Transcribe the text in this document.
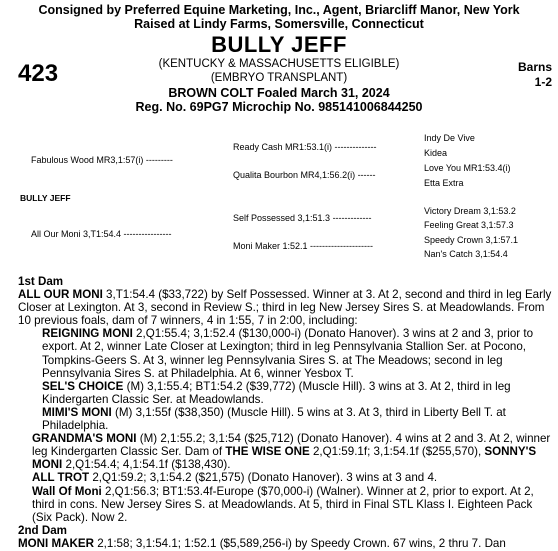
Consigned by Preferred Equine Marketing, Inc., Agent, Briarcliff Manor, New York
Raised at Lindy Farms, Somersville, Connecticut
BULLY JEFF
(KENTUCKY & MASSACHUSETTS ELIGIBLE)
(EMBRYO TRANSPLANT)
BROWN COLT Foaled March 31, 2024
Reg. No. 69PG7 Microchip No. 985141006844250
423	Barns
1-2
Fabulous Wood MR3,1:57(i) ---------
BULLY JEFF
All Our Moni 3,T1:54.4 ----------------
Ready Cash MR1:53.1(i) --------------
Qualita Bourbon MR4,1:56.2(i) ------
Self Possessed 3,1:51.3 -------------
Moni Maker 1:52.1 ---------------------
Indy De Vive
Kidea
Love You MR1:53.4(i)
Etta Extra
Victory Dream 3,1:53.2
Feeling Great 3,1:57.3
Speedy Crown 3,1:57.1
Nan's Catch 3,1:54.4

1st Dam

ALL OUR MONI 3,T1:54.4 ($33,722) by Self Possessed. Winner at 3. At 2, second and third in leg Early Closer at Lexington. At 3, second in Review S.; third in leg New Jersey Sires S. at Meadowlands. From 10 previous foals, dam of 7 winners, 4 in 1:55, 7 in 2:00, including:

REIGNING MONI 2,Q1:55.4; 3,1:52.4 ($130,000-i) (Donato Hanover). 3 wins at 2 and 3, prior to export. At 2, winner Late Closer at Lexington; third in leg Pennsylvania Stallion Ser. at Pocono, Tompkins-Geers S. At 3, winner leg Pennsylvania Sires S. at The Meadows; second in leg Pennsylvania Sires S. at Philadelphia. At 6, winner Yesbox T.

SEL'S CHOICE (M) 3,1:55.4; BT1:54.2 ($39,772) (Muscle Hill). 3 wins at 3. At 2, third in leg Kindergarten Classic Ser. at Meadowlands.

MIMI'S MONI (M) 3,1:55f ($38,350) (Muscle Hill). 5 wins at 3. At 3, third in Liberty Bell T. at Philadelphia.

GRANDMA'S MONI (M) 2,1:55.2; 3,1:54 ($25,712) (Donato Hanover). 4 wins at 2 and 3. At 2, winner leg Kindergarten Classic Ser. Dam of THE WISE ONE 2,Q1:59.1f; 3,1:54.1f ($255,570), SONNY'S MONI 2,Q1:54.4; 4,1:54.1f ($138,430).

ALL TROT 2,Q1:59.2; 3,1:54.2 ($21,575) (Donato Hanover). 3 wins at 3 and 4.

Wall Of Moni 2,Q1:56.3; BT1:53.4f-Europe ($70,000-i) (Walner). Winner at 2, prior to export. At 2, third in cons. New Jersey Sires S. at Meadowlands. At 5, third in Final STL Klass I. Eighteen Pack (Six Pack). Now 2.

2nd Dam

MONI MAKER 2,1:58; 3,1:54.1; 1:52.1 ($5,589,256-i) by Speedy Crown. 67 wins, 2 thru 7. Dan
